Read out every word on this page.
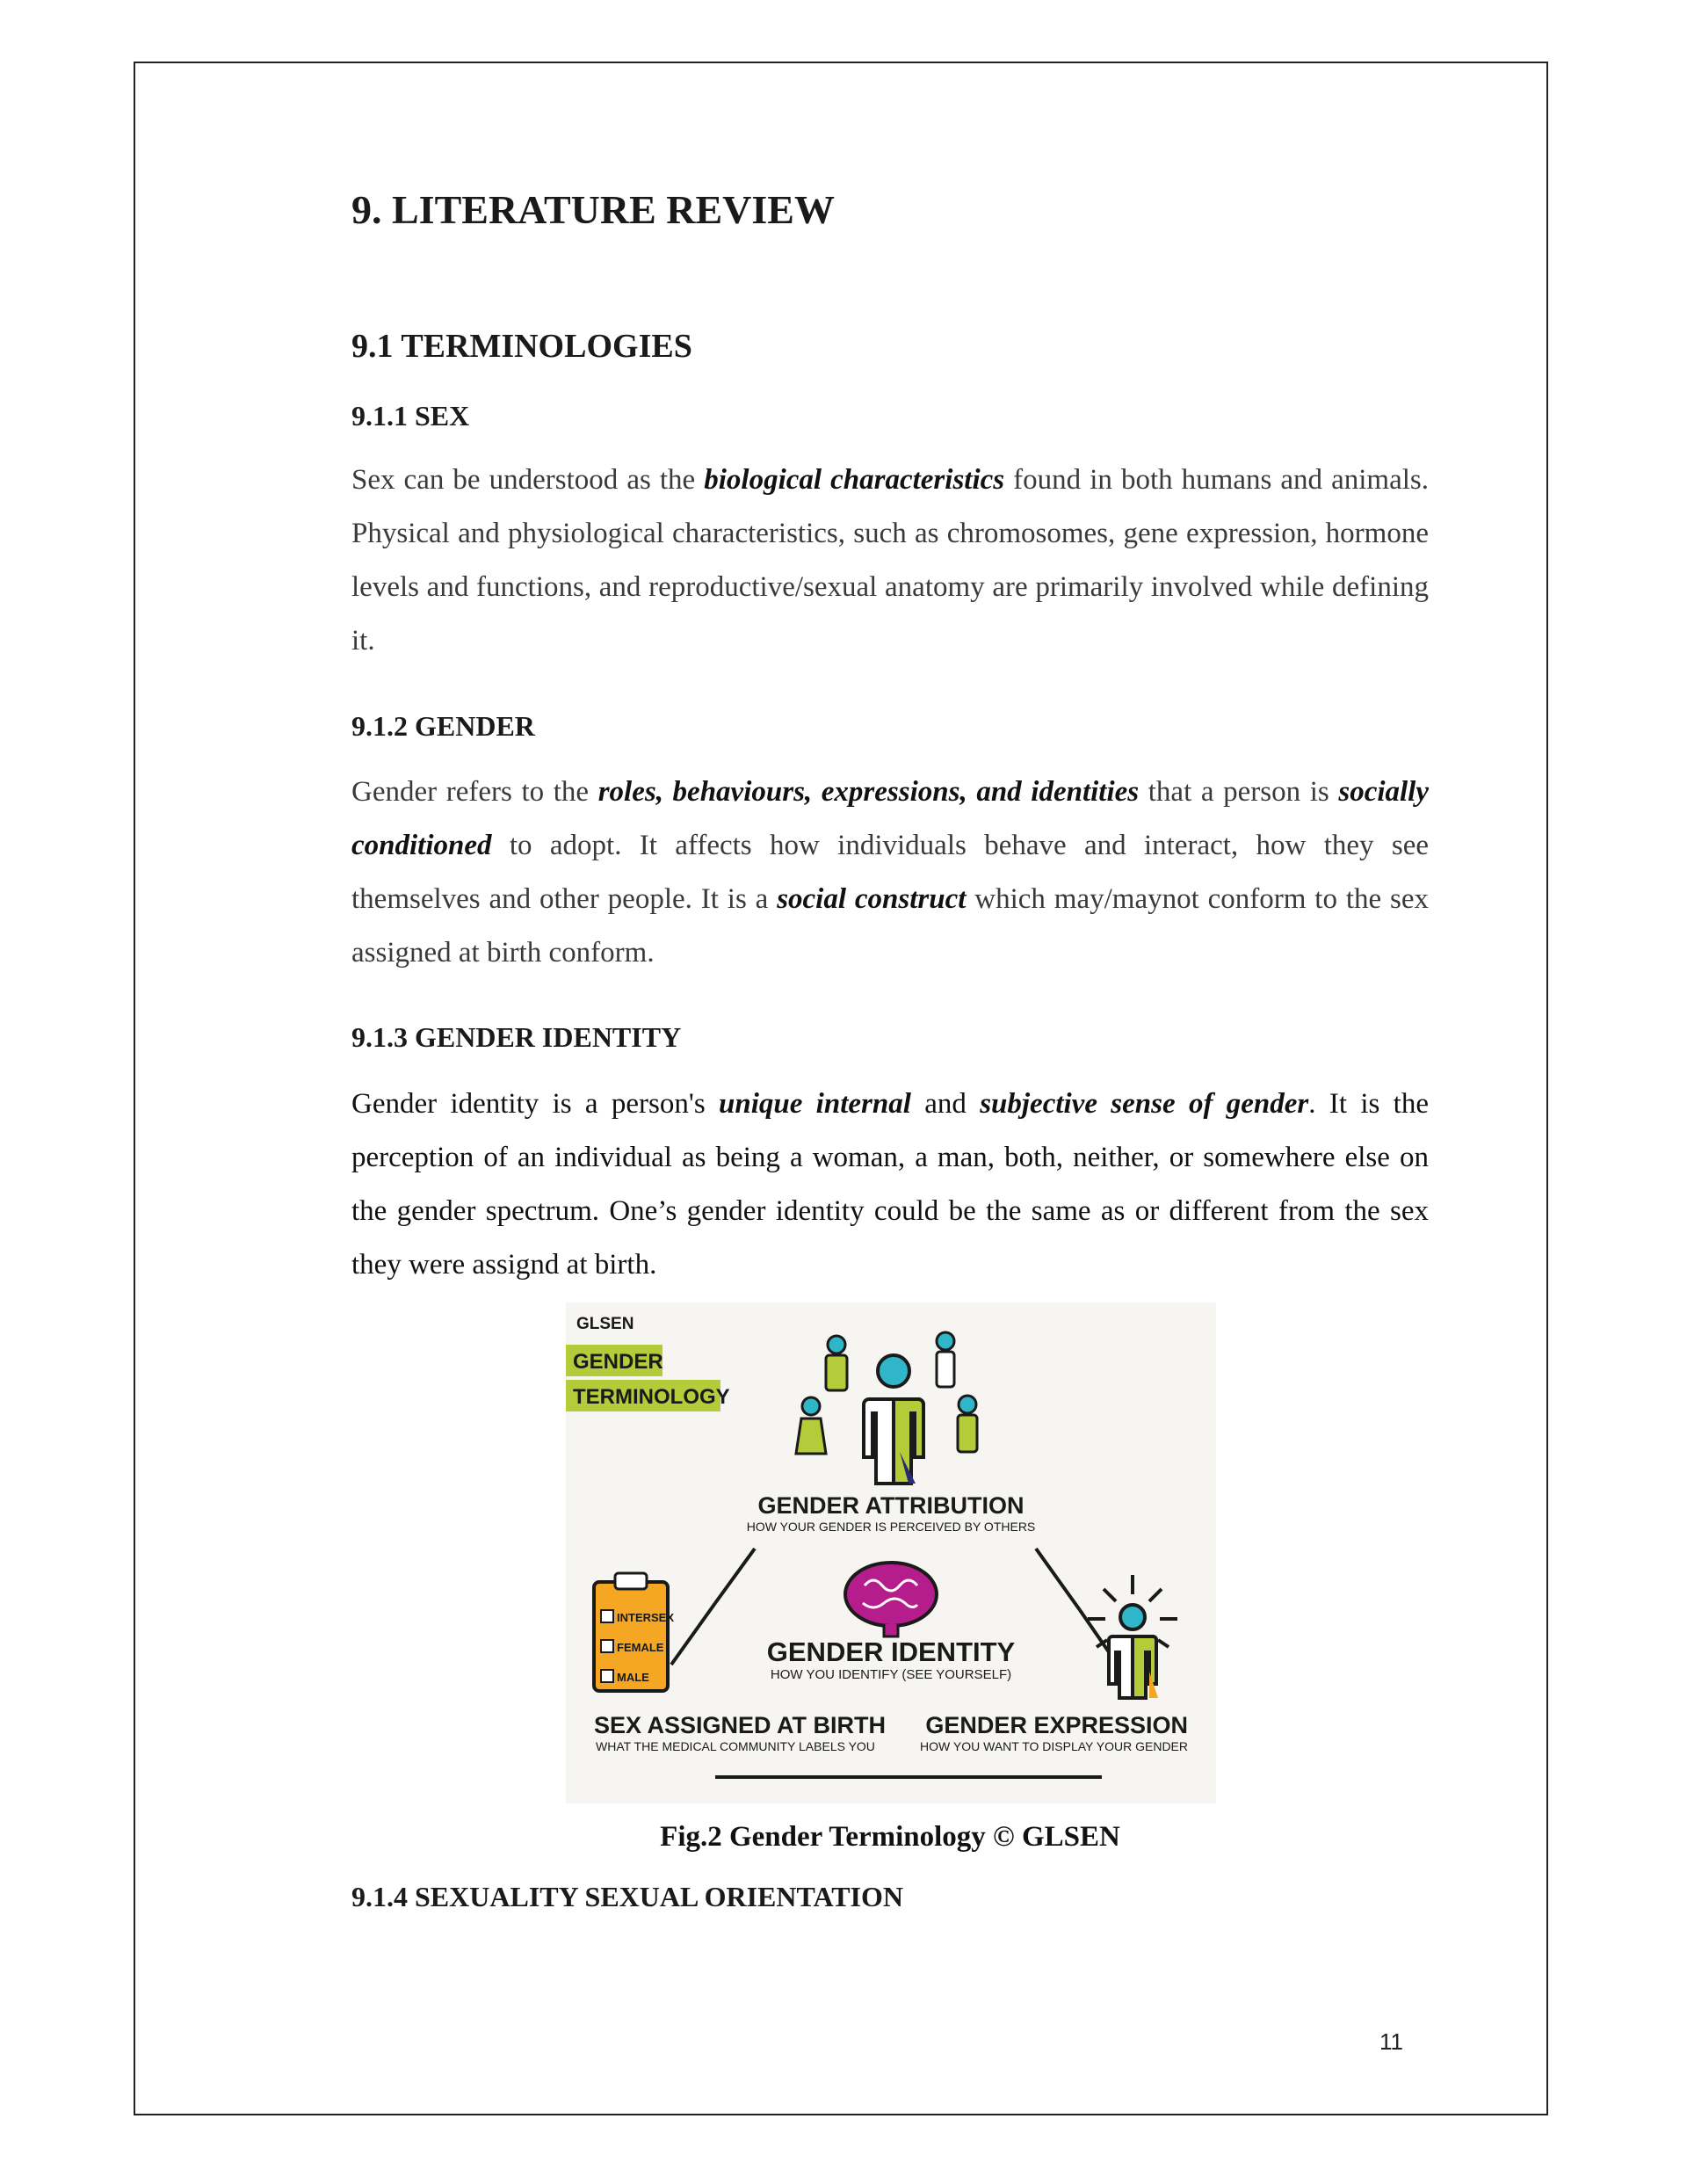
9. LITERATURE REVIEW
9.1 TERMINOLOGIES
9.1.1 SEX

Sex can be understood as the biological characteristics found in both humans and animals. Physical and physiological characteristics, such as chromosomes, gene expression, hormone levels and functions, and reproductive/sexual anatomy are primarily involved while defining it.

9.1.2 GENDER

Gender refers to the roles, behaviours, expressions, and identities that a person is socially conditioned to adopt. It affects how individuals behave and interact, how they see themselves and other people. It is a social construct which may/maynot conform to the sex assigned at birth conform.

9.1.3 GENDER IDENTITY

Gender identity is a person's unique internal and subjective sense of gender. It is the perception of an individual as being a woman, a man, both, neither, or somewhere else on the gender spectrum. One’s gender identity could be the same as or different from the sex they were assignd at birth.

GLSEN
GENDER
TERMINOLOGY
GENDER ATTRIBUTION
HOW YOUR GENDER IS PERCEIVED BY OTHERS
GENDER IDENTITY
HOW YOU IDENTIFY (SEE YOURSELF)
INTERSEX
FEMALE
MALE
SEX ASSIGNED AT BIRTH
WHAT THE MEDICAL COMMUNITY LABELS YOU
GENDER EXPRESSION
HOW YOU WANT TO DISPLAY YOUR GENDER

Fig.2 Gender Terminology © GLSEN

9.1.4 SEXUALITY SEXUAL ORIENTATION
11
